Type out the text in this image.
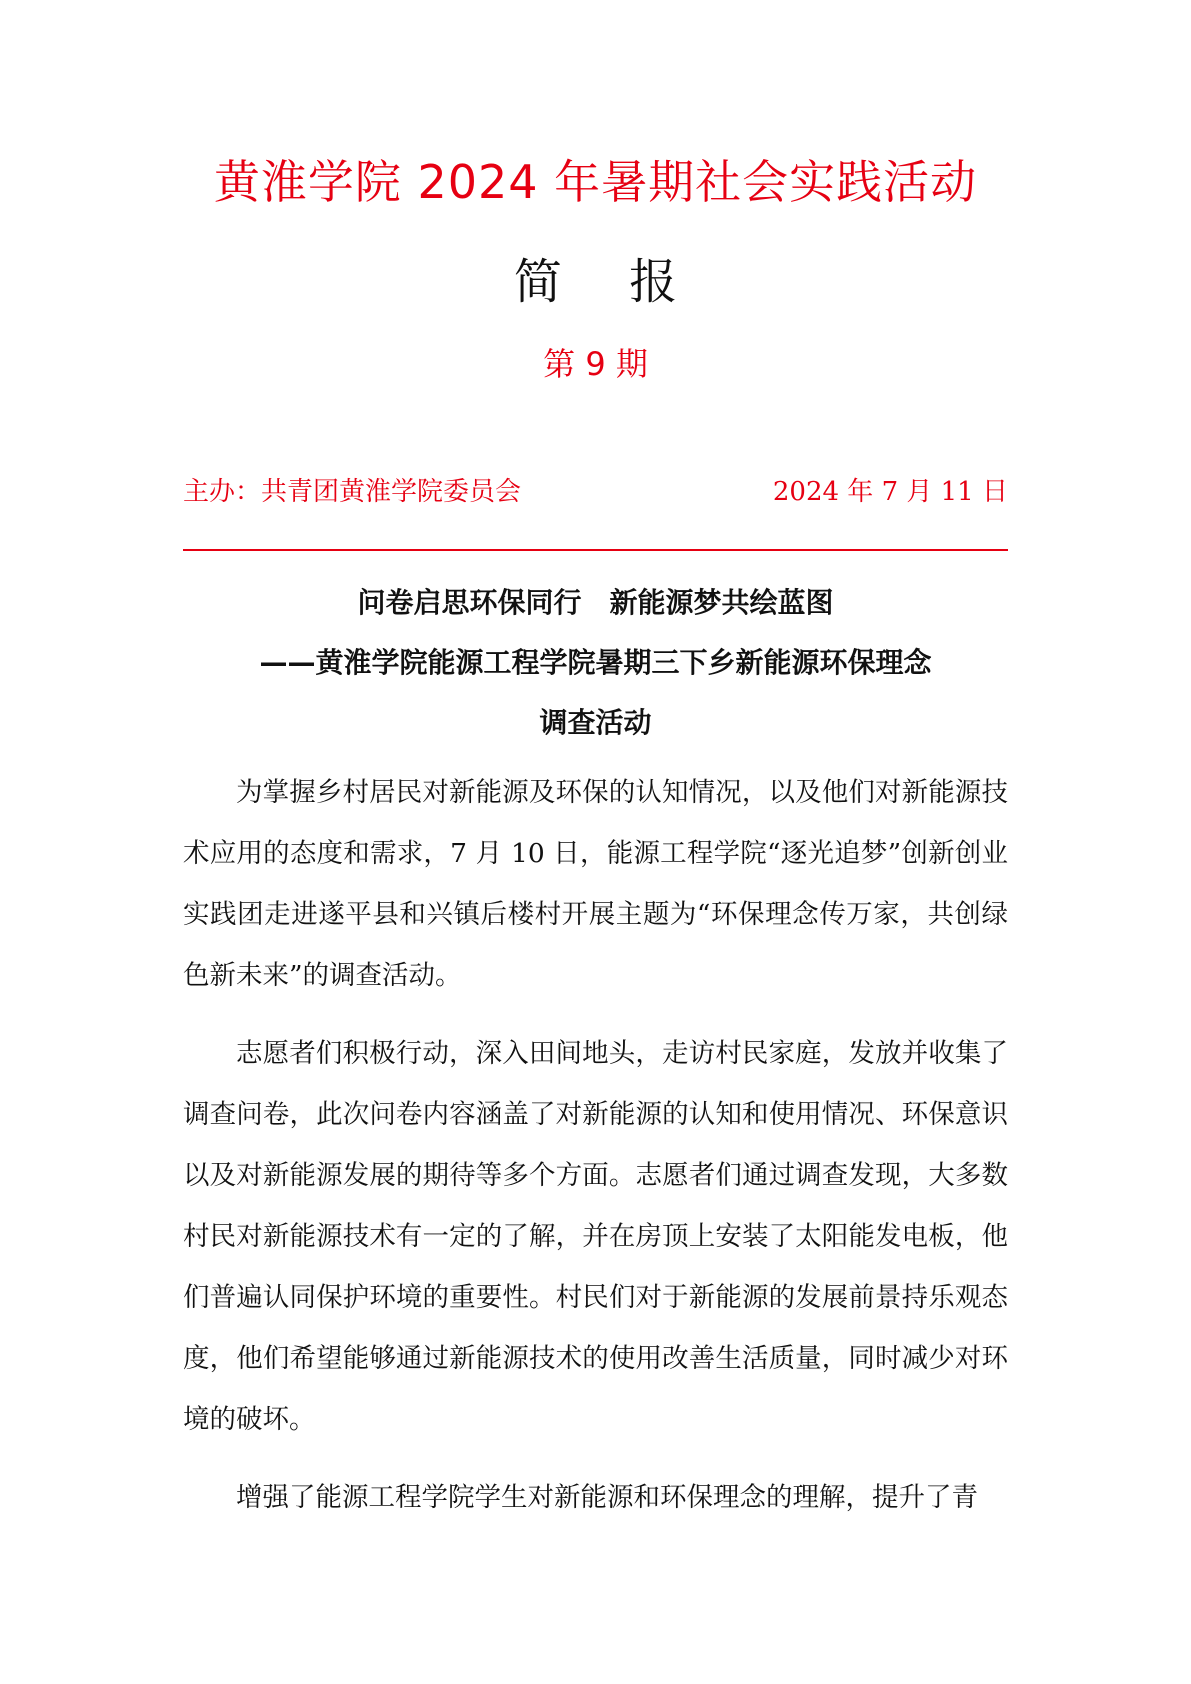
黄淮学院 2024 年暑期社会实践活动
简 报
第 9 期
主办：共青团黄淮学院委员会	2024 年 7 月 11 日
问卷启思环保同行　新能源梦共绘蓝图
——黄淮学院能源工程学院暑期三下乡新能源环保理念
调查活动

为掌握乡村居民对新能源及环保的认知情况，以及他们对新能源技术应用的态度和需求，7 月 10 日，能源工程学院“逐光追梦”创新创业实践团走进遂平县和兴镇后楼村开展主题为“环保理念传万家，共创绿色新未来”的调查活动。

志愿者们积极行动，深入田间地头，走访村民家庭，发放并收集了调查问卷，此次问卷内容涵盖了对新能源的认知和使用情况、环保意识以及对新能源发展的期待等多个方面。志愿者们通过调查发现，大多数村民对新能源技术有一定的了解，并在房顶上安装了太阳能发电板，他们普遍认同保护环境的重要性。村民们对于新能源的发展前景持乐观态度，他们希望能够通过新能源技术的使用改善生活质量，同时减少对环境的破坏。

增强了能源工程学院学生对新能源和环保理念的理解，提升了青
